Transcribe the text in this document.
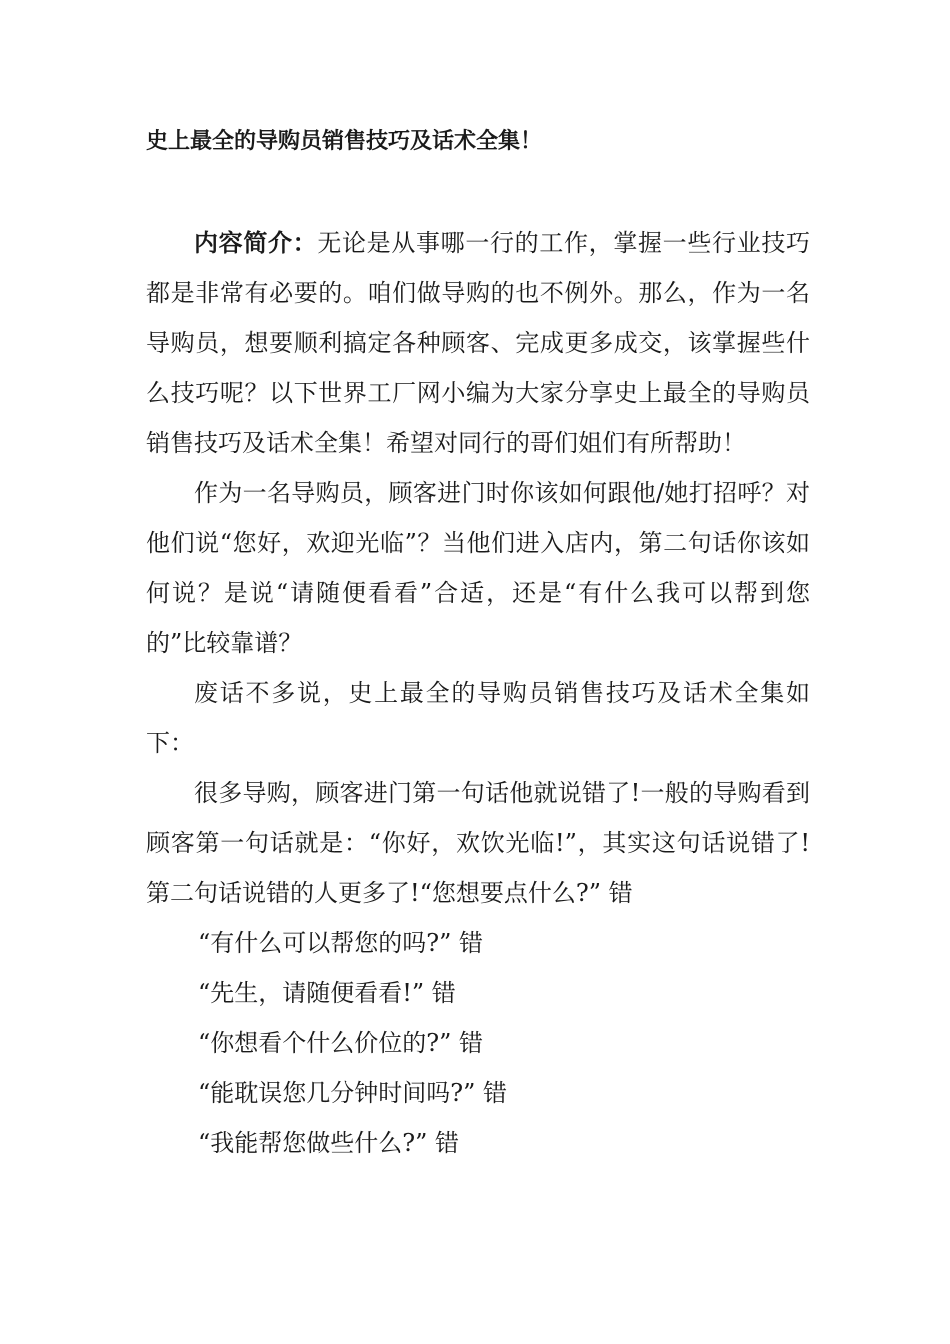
史上最全的导购员销售技巧及话术全集！

内容简介：无论是从事哪一行的工作，掌握一些行业技巧都是非常有必要的。咱们做导购的也不例外。那么，作为一名导购员，想要顺利搞定各种顾客、完成更多成交，该掌握些什么技巧呢？以下世界工厂网小编为大家分享史上最全的导购员销售技巧及话术全集！希望对同行的哥们姐们有所帮助！

作为一名导购员，顾客进门时你该如何跟他/她打招呼？对他们说“您好，欢迎光临”？当他们进入店内，第二句话你该如何说？是说“请随便看看”合适，还是“有什么我可以帮到您的”比较靠谱？

废话不多说，史上最全的导购员销售技巧及话术全集如下：

很多导购，顾客进门第一句话他就说错了!一般的导购看到顾客第一句话就是：“你好，欢饮光临!”，其实这句话说错了!第二句话说错的人更多了!“您想要点什么?” 错

“有什么可以帮您的吗?” 错
“先生，请随便看看!” 错
“你想看个什么价位的?” 错
“能耽误您几分钟时间吗?” 错
“我能帮您做些什么?” 错
